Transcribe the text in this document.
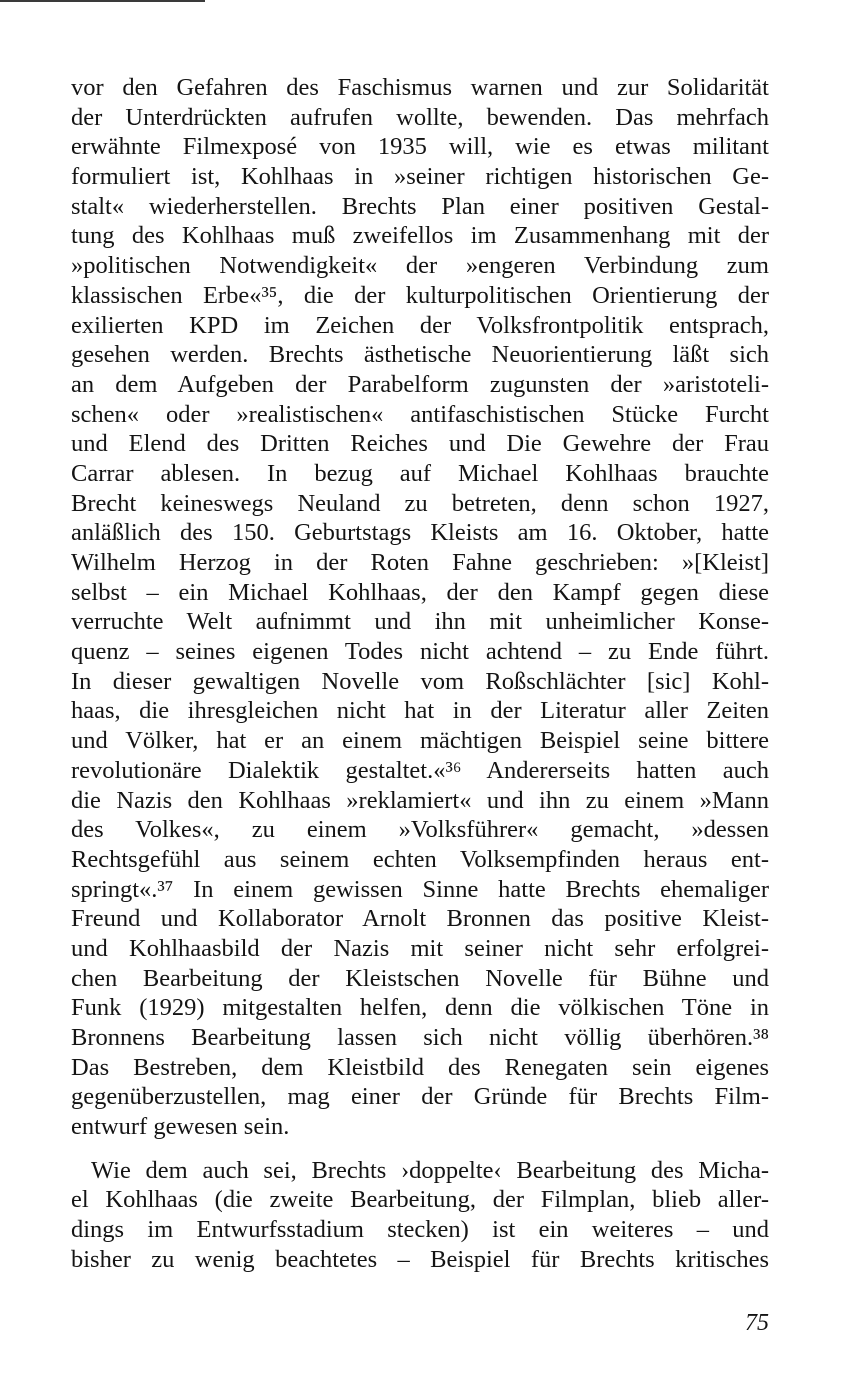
vor den Gefahren des Faschismus warnen und zur Solidarität
der Unterdrückten aufrufen wollte, bewenden. Das mehrfach
erwähnte Filmexposé von 1935 will, wie es etwas militant
formuliert ist, Kohlhaas in »seiner richtigen historischen Ge-
stalt« wiederherstellen. Brechts Plan einer positiven Gestal-
tung des Kohlhaas muß zweifellos im Zusammenhang mit der
»politischen Notwendigkeit« der »engeren Verbindung zum
klassischen Erbe«³⁵, die der kulturpolitischen Orientierung der
exilierten KPD im Zeichen der Volksfrontpolitik entsprach,
gesehen werden. Brechts ästhetische Neuorientierung läßt sich
an dem Aufgeben der Parabelform zugunsten der »aristoteli-
schen« oder »realistischen« antifaschistischen Stücke Furcht
und Elend des Dritten Reiches und Die Gewehre der Frau
Carrar ablesen. In bezug auf Michael Kohlhaas brauchte
Brecht keineswegs Neuland zu betreten, denn schon 1927,
anläßlich des 150. Geburtstags Kleists am 16. Oktober, hatte
Wilhelm Herzog in der Roten Fahne geschrieben: »[Kleist]
selbst – ein Michael Kohlhaas, der den Kampf gegen diese
verruchte Welt aufnimmt und ihn mit unheimlicher Konse-
quenz – seines eigenen Todes nicht achtend – zu Ende führt.
In dieser gewaltigen Novelle vom Roßschlächter [sic] Kohl-
haas, die ihresgleichen nicht hat in der Literatur aller Zeiten
und Völker, hat er an einem mächtigen Beispiel seine bittere
revolutionäre Dialektik gestaltet.«³⁶ Andererseits hatten auch
die Nazis den Kohlhaas »reklamiert« und ihn zu einem »Mann
des Volkes«, zu einem »Volksführer« gemacht, »dessen
Rechtsgefühl aus seinem echten Volksempfinden heraus ent-
springt«.³⁷ In einem gewissen Sinne hatte Brechts ehemaliger
Freund und Kollaborator Arnolt Bronnen das positive Kleist-
und Kohlhaasbild der Nazis mit seiner nicht sehr erfolgrei-
chen Bearbeitung der Kleistschen Novelle für Bühne und
Funk (1929) mitgestalten helfen, denn die völkischen Töne in
Bronnens Bearbeitung lassen sich nicht völlig überhören.³⁸
Das Bestreben, dem Kleistbild des Renegaten sein eigenes
gegenüberzustellen, mag einer der Gründe für Brechts Film-
entwurf gewesen sein.
Wie dem auch sei, Brechts ›doppelte‹ Bearbeitung des Micha-
el Kohlhaas (die zweite Bearbeitung, der Filmplan, blieb aller-
dings im Entwurfsstadium stecken) ist ein weiteres – und
bisher zu wenig beachtetes – Beispiel für Brechts kritisches
75
